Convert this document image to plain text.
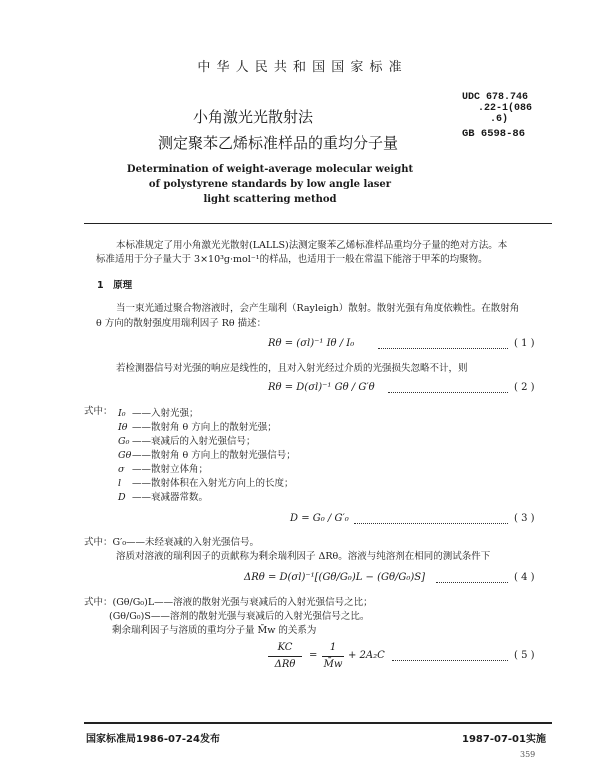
中 华 人 民 共 和 国 国 家 标 准
小角激光光散射法
测定聚苯乙烯标准样品的重均分子量
UDC 678.746
.22-1(086
.6)
GB 6598-86
Determination of weight-average molecular weight
of polystyrene standards by low angle laser
light scattering method
本标准规定了用小角激光光散射(LALLS)法测定聚苯乙烯标准样品重均分子量的绝对方法。本
标准适用于分子量大于 3×10³g·mol⁻¹的样品，也适用于一般在常温下能溶于甲苯的均聚物。
1　原理
当一束光通过聚合物溶液时，会产生瑞利（Rayleigh）散射。散射光强有角度依赖性。在散射角
θ 方向的散射强度用瑞利因子 Rθ 描述：
Rθ = (σl)⁻¹ Iθ / I₀	( 1 )
若检测器信号对光强的响应是线性的，且对入射光经过介质的光强损失忽略不计，则
Rθ = D(σl)⁻¹ Gθ / G′θ	( 2 )
式中： I₀ ——入射光强；
Iθ ——散射角 θ 方向上的散射光强；
G₀ ——衰减后的入射光强信号；
Gθ——散射角 θ 方向上的散射光强信号；
σ ——散射立体角；
l ——散射体积在入射光方向上的长度；
D ——衰减器常数。
D = G₀ / G′₀	( 3 )
式中：G′₀——未经衰减的入射光强信号。
溶质对溶液的瑞利因子的贡献称为剩余瑞利因子 ΔRθ。溶液与纯溶剂在相同的测试条件下
ΔRθ = D(σl)⁻¹[(Gθ/G₀)L − (Gθ/G₀)S]	( 4 )
式中：(Gθ/G₀)L——溶液的散射光强与衰减后的入射光强信号之比；
(Gθ/G₀)S——溶剂的散射光强与衰减后的入射光强信号之比。
剩余瑞利因子与溶质的重均分子量 M̄w 的关系为
KC
ΔRθ
=
1
M̄w
+ 2A₂C	( 5 )
国家标准局1986-07-24发布	1987-07-01实施
359
